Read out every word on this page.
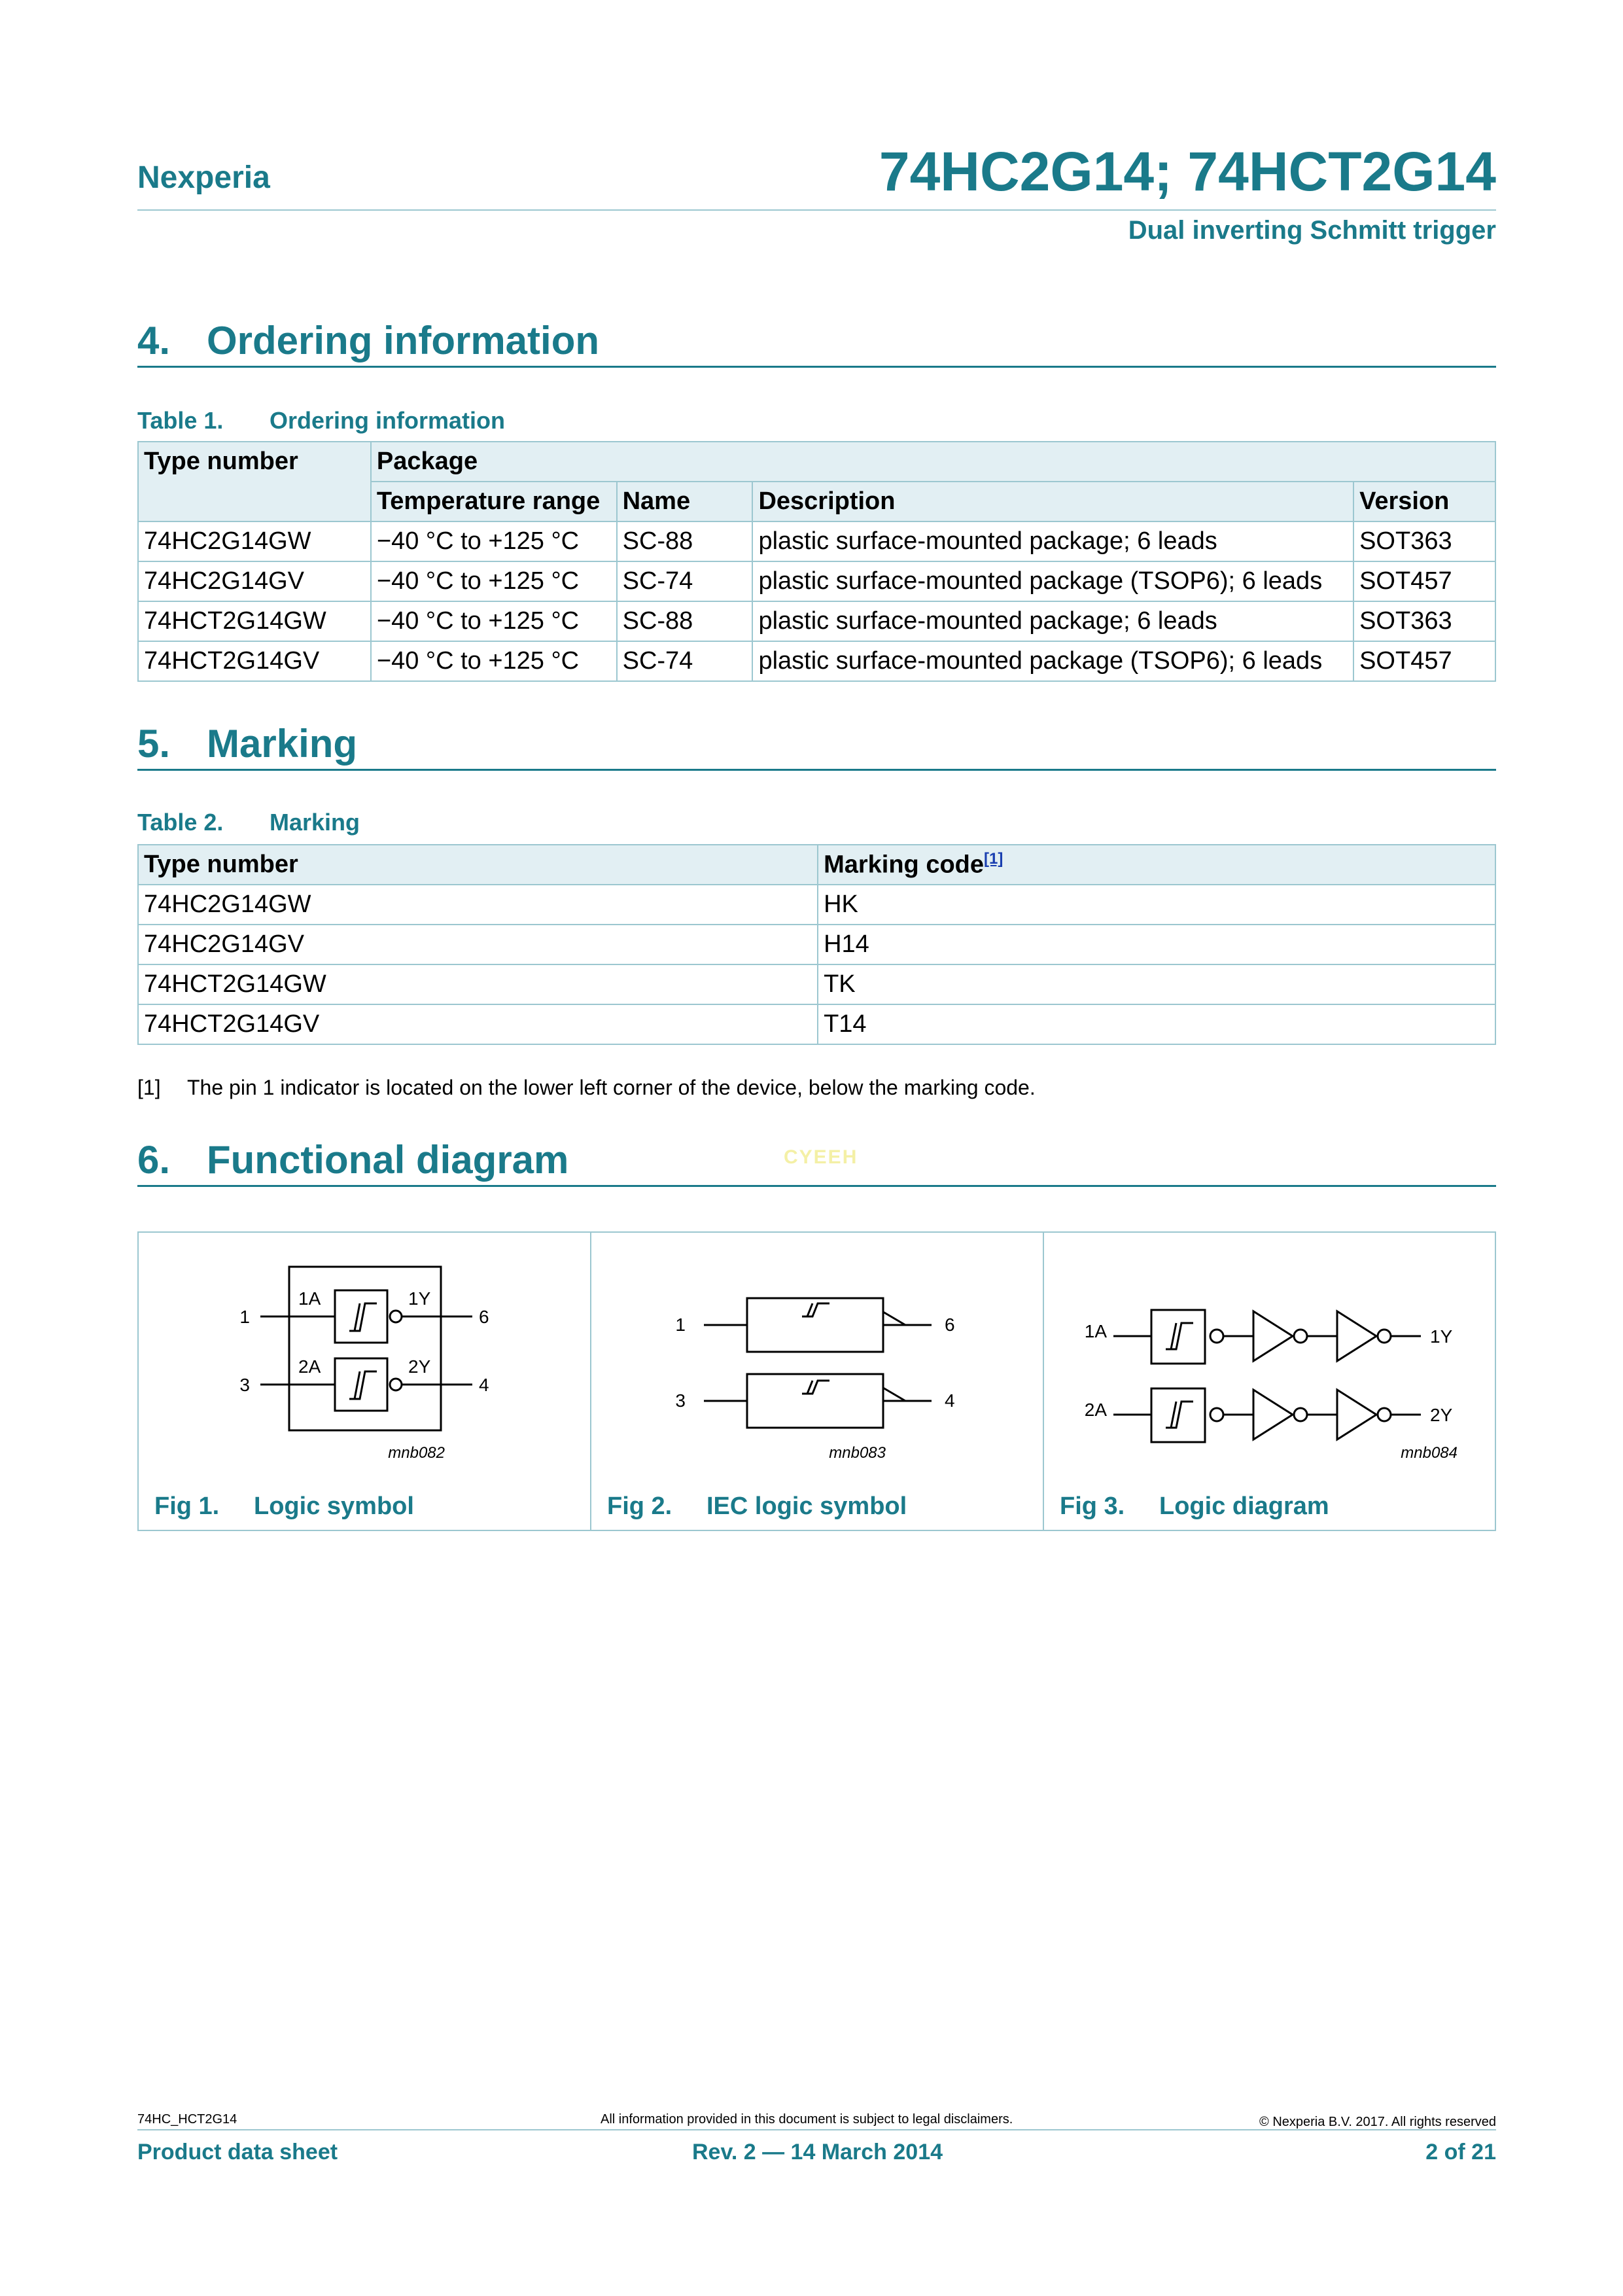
Nexperia	74HC2G14; 74HCT2G14
Dual inverting Schmitt trigger
4. Ordering information
Table 1. Ordering information
Type number	Package			
	Temperature range	Name	Description	Version
74HC2G14GW	−40 °C to +125 °C	SC-88	plastic surface-mounted package; 6 leads	SOT363
74HC2G14GV	−40 °C to +125 °C	SC-74	plastic surface-mounted package (TSOP6); 6 leads	SOT457
74HCT2G14GW	−40 °C to +125 °C	SC-88	plastic surface-mounted package; 6 leads	SOT363
74HCT2G14GV	−40 °C to +125 °C	SC-74	plastic surface-mounted package (TSOP6); 6 leads	SOT457
5. Marking
Table 2. Marking
Type number	Marking code[1]
74HC2G14GW	HK
74HC2G14GV	H14
74HCT2G14GW	TK
74HCT2G14GV	T14
[1] The pin 1 indicator is located on the lower left corner of the device, below the marking code.
6. Functional diagram	CYEEH
1
3
6
4
1A
2A
1Y
2Y
mnb082
Fig 1. Logic symbol
1
3
6
4
mnb083
Fig 2. IEC logic symbol
1A
2A
1Y
2Y
mnb084
Fig 3. Logic diagram
74HC_HCT2G14	All information provided in this document is subject to legal disclaimers.	© Nexperia B.V. 2017. All rights reserved
Product data sheet	Rev. 2 — 14 March 2014	2 of 21
